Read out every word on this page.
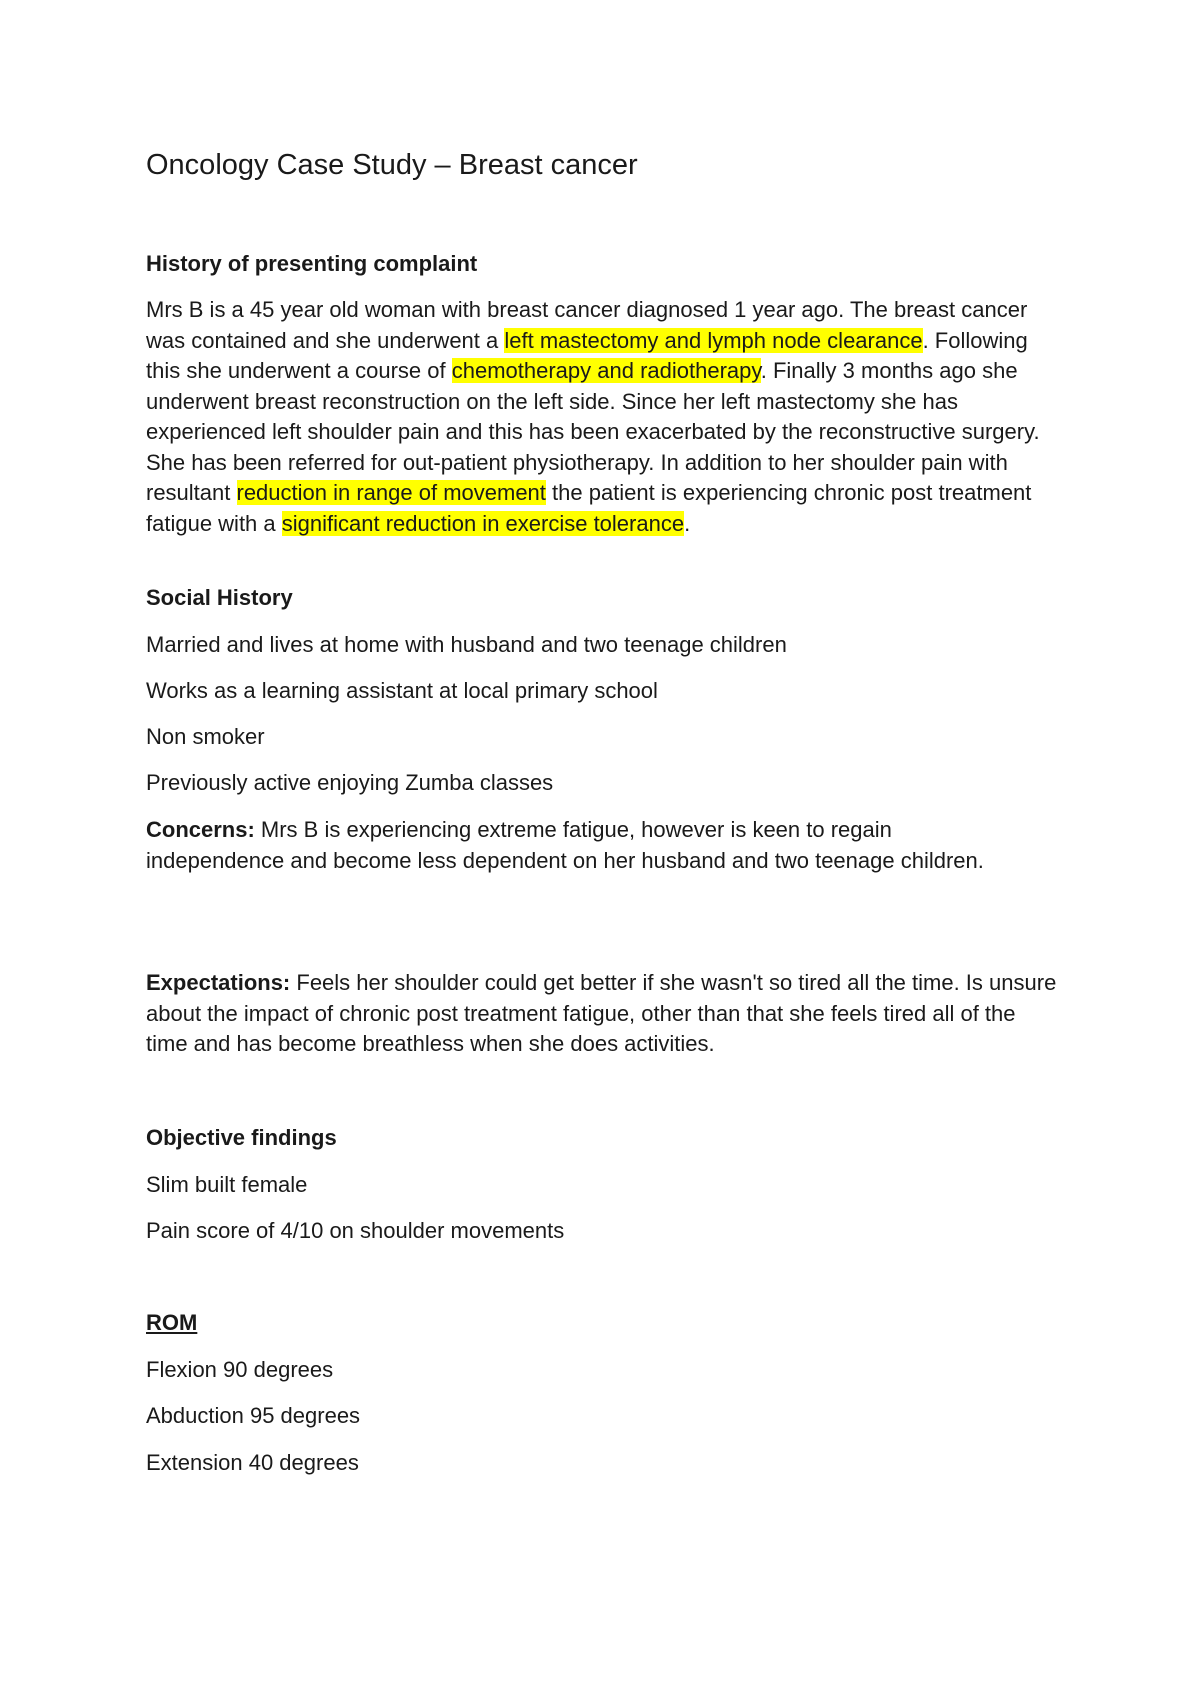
Oncology Case Study – Breast cancer

History of presenting complaint

Mrs B is a 45 year old woman with breast cancer diagnosed 1 year ago. The breast cancer was contained and she underwent a left mastectomy and lymph node clearance. Following this she underwent a course of chemotherapy and radiotherapy. Finally 3 months ago she underwent breast reconstruction on the left side. Since her left mastectomy she has experienced left shoulder pain and this has been exacerbated by the reconstructive surgery. She has been referred for out-patient physiotherapy. In addition to her shoulder pain with resultant reduction in range of movement the patient is experiencing chronic post treatment fatigue with a significant reduction in exercise tolerance.

Social History

Married and lives at home with husband and two teenage children

Works as a learning assistant at local primary school

Non smoker

Previously active enjoying Zumba classes

Concerns: Mrs B is experiencing extreme fatigue, however is keen to regain independence and become less dependent on her husband and two teenage children.

Expectations: Feels her shoulder could get better if she wasn't so tired all the time. Is unsure about the impact of chronic post treatment fatigue, other than that she feels tired all of the time and has become breathless when she does activities.

Objective findings

Slim built female

Pain score of 4/10 on shoulder movements

ROM

Flexion 90 degrees

Abduction 95 degrees

Extension 40 degrees
